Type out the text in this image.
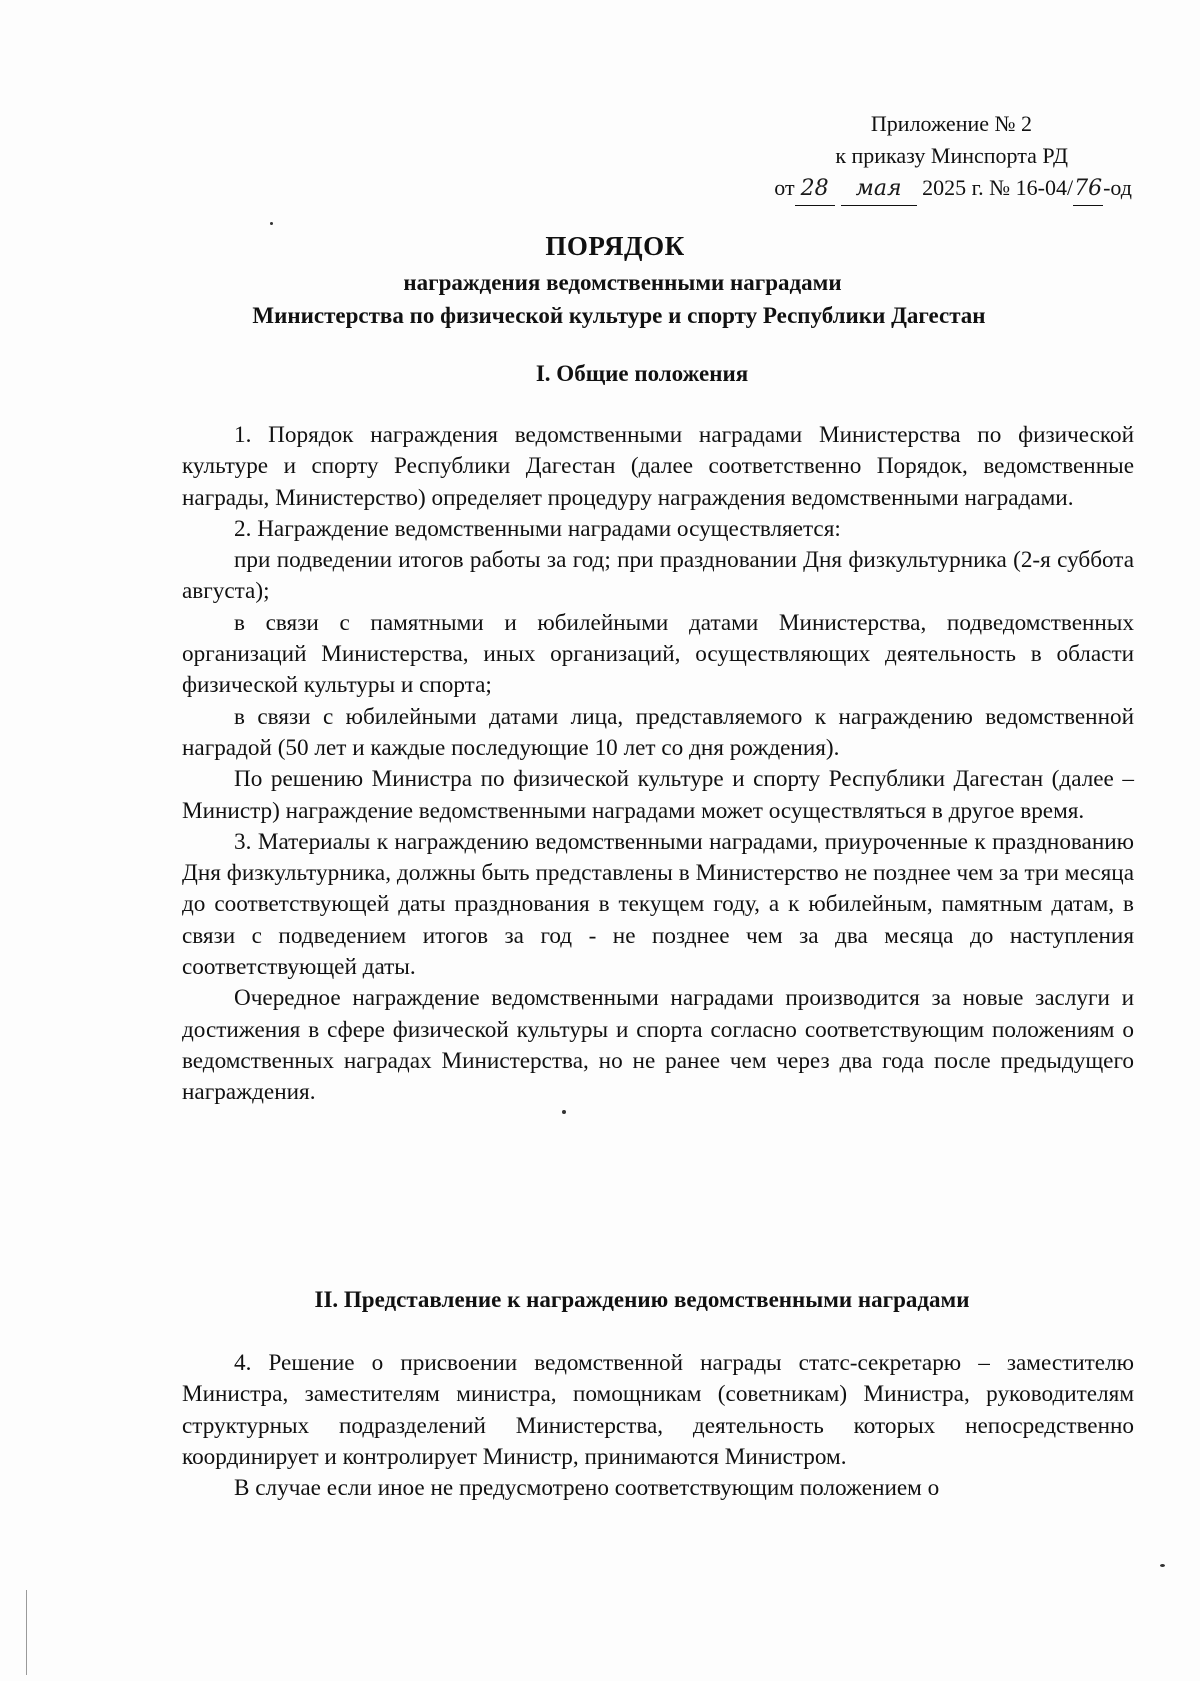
Приложение № 2
к приказу Минспорта РД
от 28 мая 2025 г. № 16-04/76-од
ПОРЯДОК
награждения ведомственными наградами
Министерства по физической культуре и спорту Республики Дагестан
I. Общие положения

1. Порядок награждения ведомственными наградами Министерства по физической культуре и спорту Республики Дагестан (далее соответственно Порядок, ведомственные награды, Министерство) определяет процедуру награждения ведомственными наградами.

2. Награждение ведомственными наградами осуществляется:

при подведении итогов работы за год; при праздновании Дня физкультурника (2-я суббота августа);

в связи с памятными и юбилейными датами Министерства, подведомственных организаций Министерства, иных организаций, осуществляющих деятельность в области физической культуры и спорта;

в связи с юбилейными датами лица, представляемого к награждению ведомственной наградой (50 лет и каждые последующие 10 лет со дня рождения).

По решению Министра по физической культуре и спорту Республики Дагестан (далее – Министр) награждение ведомственными наградами может осуществляться в другое время.

3. Материалы к награждению ведомственными наградами, приуроченные к празднованию Дня физкультурника, должны быть представлены в Министерство не позднее чем за три месяца до соответствующей даты празднования в текущем году, а к юбилейным, памятным датам, в связи с подведением итогов за год - не позднее чем за два месяца до наступления соответствующей даты.

Очередное награждение ведомственными наградами производится за новые заслуги и достижения в сфере физической культуры и спорта согласно соответствующим положениям о ведомственных наградах Министерства, но не ранее чем через два года после предыдущего награждения.

II. Представление к награждению ведомственными наградами

4. Решение о присвоении ведомственной награды статс-секретарю – заместителю Министра, заместителям министра, помощникам (советникам) Министра, руководителям структурных подразделений Министерства, деятельность которых непосредственно координирует и контролирует Министр, принимаются Министром.

В случае если иное не предусмотрено соответствующим положением о
